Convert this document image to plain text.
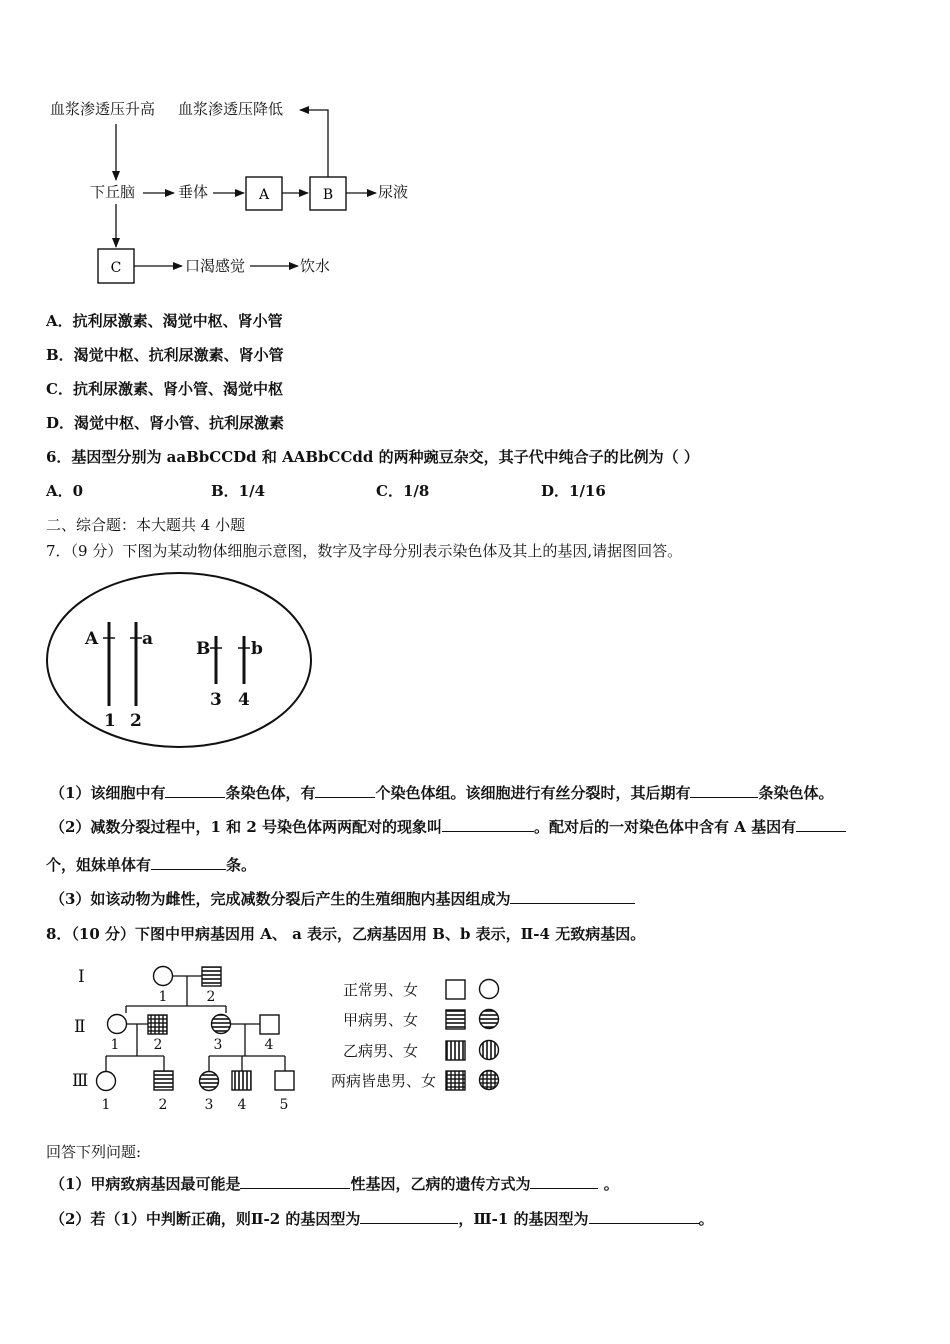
血浆渗透压升高 血浆渗透压降低
下丘脑	垂体	尿液
口渴感觉	饮水
A	B
C
A．抗利尿激素、渴觉中枢、肾小管
B．渴觉中枢、抗利尿激素、肾小管
C．抗利尿激素、肾小管、渴觉中枢
D．渴觉中枢、肾小管、抗利尿激素
6．基因型分别为 aaBbCCDd 和 AABbCCdd 的两种豌豆杂交，其子代中纯合子的比例为（ ）
A．0	B．1/4	C．1/8	D．1/16
二、综合题：本大题共 4 小题
7．（9 分）下图为某动物体细胞示意图，数字及字母分别表示染色体及其上的基因,请据图回答。
A	a	B b
1 2
3 4
（1）该细胞中有	条染色体，有	个染色体组。该细胞进行有丝分裂时，其后期有	条染色体。
（2）减数分裂过程中，1 和 2 号染色体两两配对的现象叫	。配对后的一对染色体中含有 A 基因有
个，姐妹单体有	条。
（3）如该动物为雌性，完成减数分裂后产生的生殖细胞内基因组成为
8．（10 分）下图中甲病基因用 A、 a 表示，乙病基因用 B、b 表示，Ⅱ-4 无致病基因。
Ⅰ
Ⅱ
Ⅲ
1	2
1 2	3	4
1	2	3 4 5
正常男、女
甲病男、女
乙病男、女
两病皆患男、女
回答下列问题:
（1）甲病致病基因最可能是	性基因，乙病的遗传方式为	。
（2）若（1）中判断正确，则Ⅱ-2 的基因型为	，Ⅲ-1 的基因型为	。
